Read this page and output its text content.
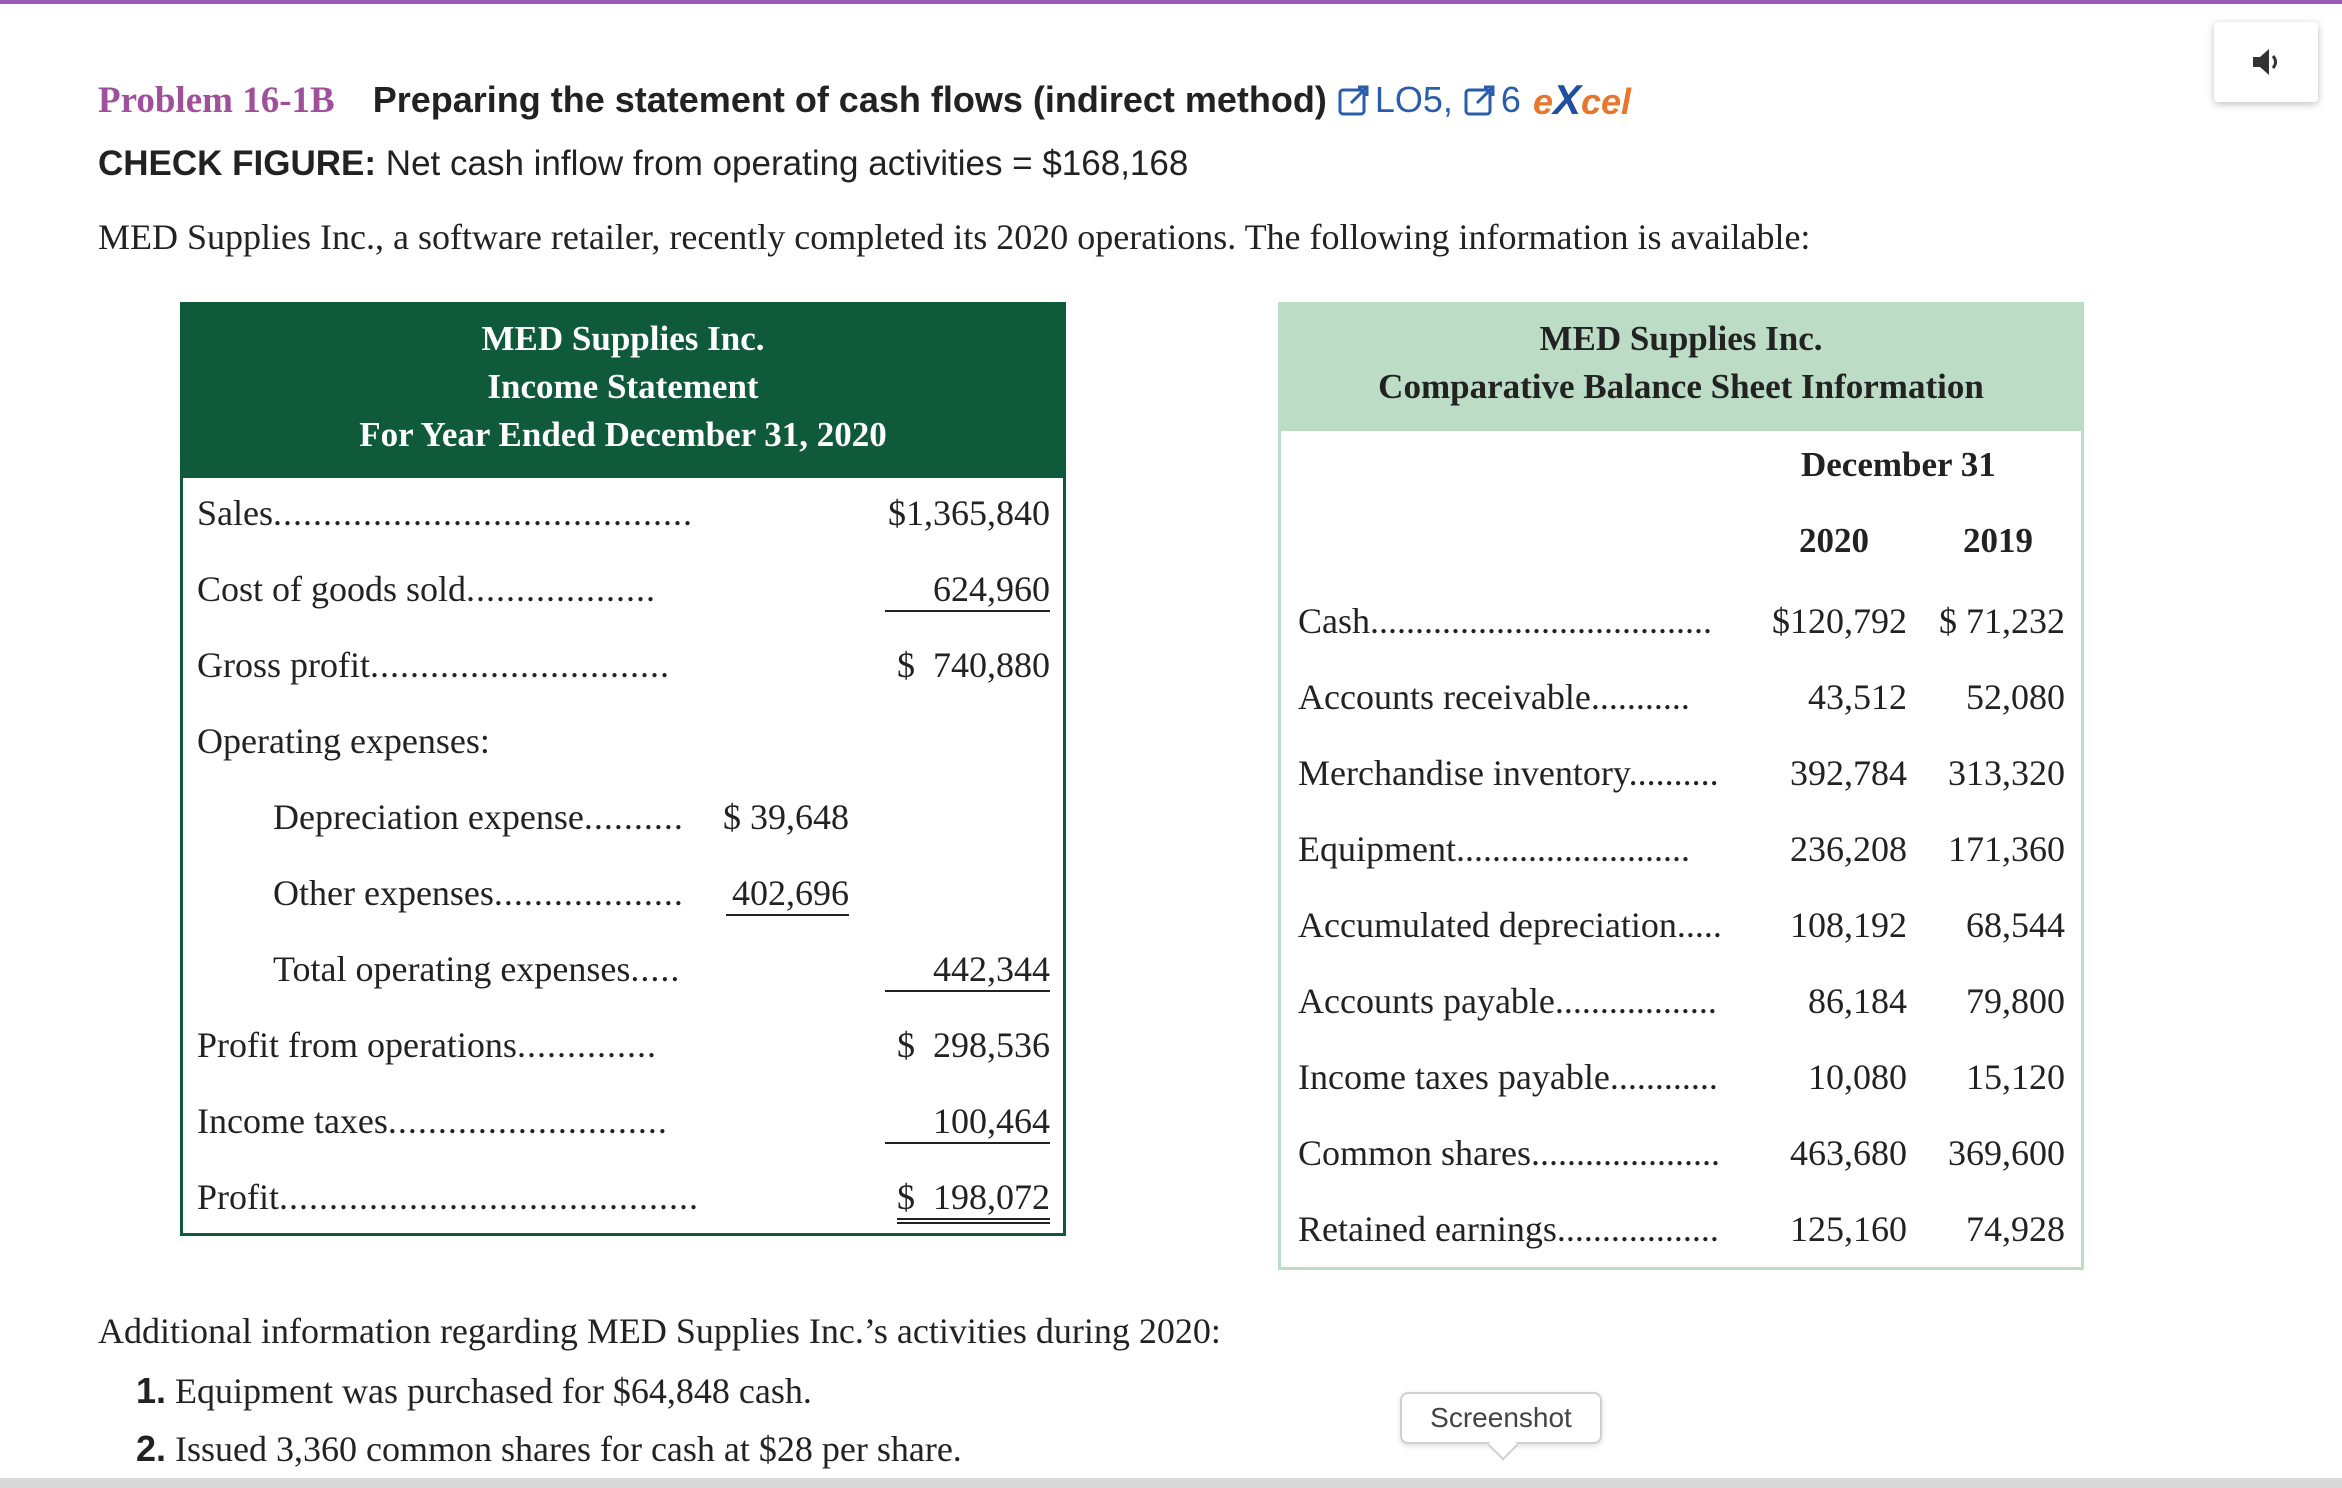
Problem 16-1B Preparing the statement of cash flows (indirect method) LO5, 6 eXcel
CHECK FIGURE: Net cash inflow from operating activities = $168,168
MED Supplies Inc., a software retailer, recently completed its 2020 operations. The following information is available:
MED Supplies Inc.
Income Statement
For Year Ended December 31, 2020
Sales..........................................	$1,365,840
Cost of goods sold...................	624,960
Gross profit..............................	$  740,880
Operating expenses:
Depreciation expense.......... $ 39,648
Other expenses................... 402,696
Total operating expenses.....	442,344
Profit from operations..............	$  298,536
Income taxes............................	100,464
Profit..........................................	$  198,072
MED Supplies Inc.
Comparative Balance Sheet Information
December 31
2020	2019
Cash...................................... $120,792 $ 71,232
Accounts receivable...........	43,512 52,080
Merchandise inventory.......... 392,784 313,320
Equipment..........................	236,208 171,360
Accumulated depreciation..... 108,192 68,544
Accounts payable..................	86,184 79,800
Income taxes payable............	10,080 15,120
Common shares..................... 463,680 369,600
Retained earnings.................. 125,160 74,928
Additional information regarding MED Supplies Inc.’s activities during 2020:
1. Equipment was purchased for $64,848 cash.
2. Issued 3,360 common shares for cash at $28 per share.
Screenshot
